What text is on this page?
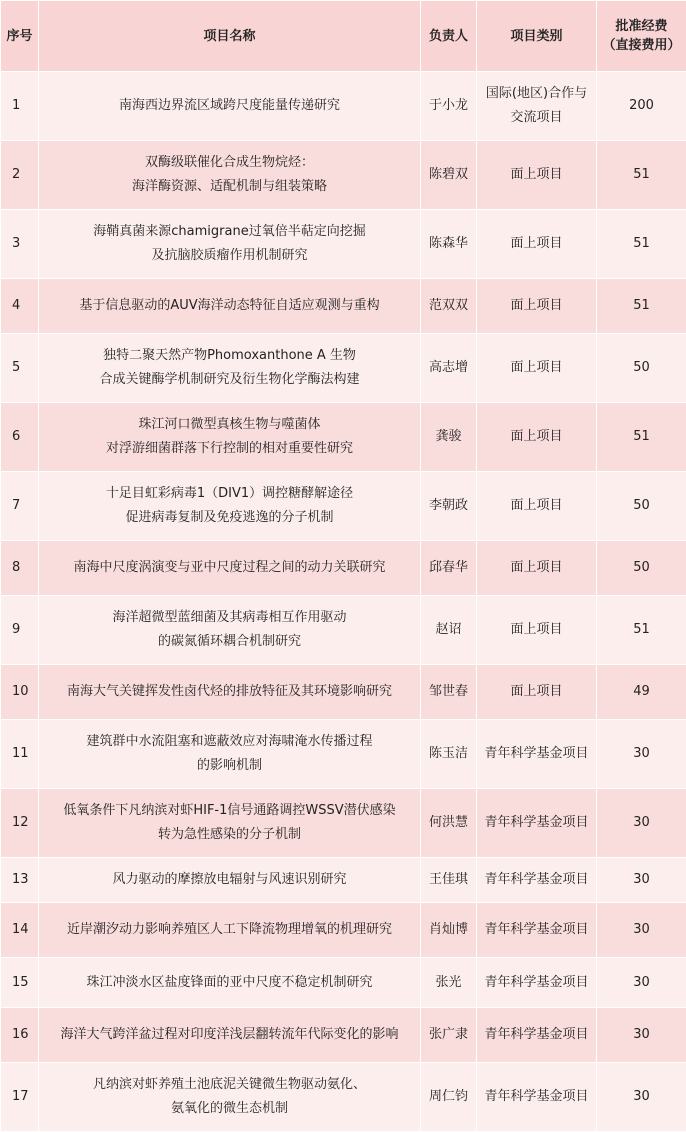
序号	项目名称	负责人	项目类别	批准经费
（直接费用）
1	南海西边界流区域跨尺度能量传递研究	于小龙	国际(地区)合作与
交流项目	200
2	双酶级联催化合成生物烷烃：
海洋酶资源、适配机制与组装策略	陈碧双	面上项目	51
3	海鞘真菌来源chamigrane过氧倍半萜定向挖掘
及抗脑胶质瘤作用机制研究	陈森华	面上项目	51
4	基于信息驱动的AUV海洋动态特征自适应观测与重构	范双双	面上项目	51
5	独特二聚天然产物Phomoxanthone A 生物
合成关键酶学机制研究及衍生物化学酶法构建	高志增	面上项目	50
6	珠江河口微型真核生物与噬菌体
对浮游细菌群落下行控制的相对重要性研究	龚骏	面上项目	51
7	十足目虹彩病毒1（DIV1）调控糖酵解途径
促进病毒复制及免疫逃逸的分子机制	李朝政	面上项目	50
8	南海中尺度涡演变与亚中尺度过程之间的动力关联研究	邱春华	面上项目	50
9	海洋超微型蓝细菌及其病毒相互作用驱动
的碳氮循环耦合机制研究	赵诏	面上项目	51
10	南海大气关键挥发性卤代烃的排放特征及其环境影响研究	邹世春	面上项目	49
11	建筑群中水流阻塞和遮蔽效应对海啸淹水传播过程
的影响机制	陈玉洁	青年科学基金项目	30
12	低氧条件下凡纳滨对虾HIF-1信号通路调控WSSV潜伏感染
转为急性感染的分子机制	何洪慧	青年科学基金项目	30
13	风力驱动的摩擦放电辐射与风速识别研究	王佳琪	青年科学基金项目	30
14	近岸潮汐动力影响养殖区人工下降流物理增氧的机理研究	肖灿博	青年科学基金项目	30
15	珠江冲淡水区盐度锋面的亚中尺度不稳定机制研究	张光	青年科学基金项目	30
16	海洋大气跨洋盆过程对印度洋浅层翻转流年代际变化的影响	张广隶	青年科学基金项目	30
17	凡纳滨对虾养殖土池底泥关键微生物驱动氨化、
氨氧化的微生态机制	周仁钧	青年科学基金项目	30
